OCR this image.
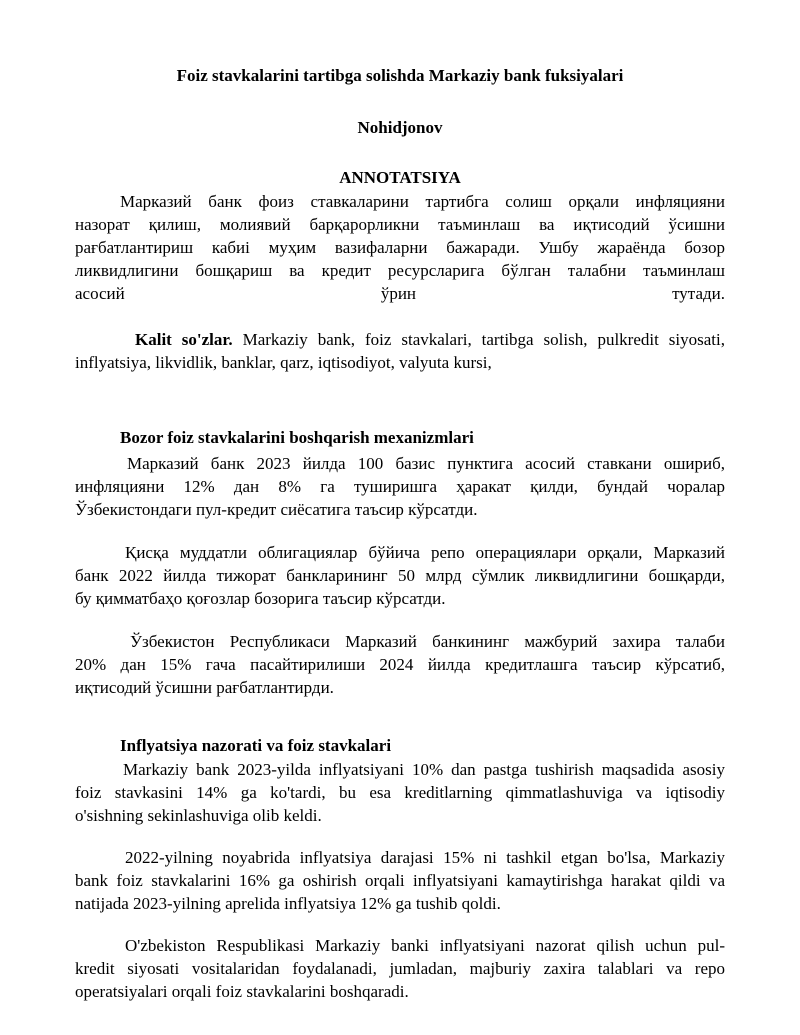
Foiz stavkalarini tartibga solishda Markaziy bank fuksiyalari
Nohidjonov
ANNOTATSIYA
Марказий банк фоиз ставкаларини тартибга солиш орқали инфляцияни
назорат қилиш, молиявий барқарорликни таъминлаш ва иқтисодий ўсишни
рағбатлантириш кабиi муҳим вазифаларни бажаради. Ушбу жараёнда бозор
ликвидлигини бошқариш ва кредит ресурсларига бўлган талабни таъминлаш
асосий ўрин тутади.
Kalit so'zlar. Markaziy bank, foiz stavkalari, tartibga solish, pulkredit siyosati,
inflyatsiya, likvidlik, banklar, qarz, iqtisodiyot, valyuta kursi,
Bozor foiz stavkalarini boshqarish mexanizmlari
Марказий банк 2023 йилда 100 базис пунктига асосий ставкани ошириб,
инфляцияни 12% дан 8% га туширишга ҳаракат қилди, бундай чоралар
Ўзбекистондаги пул-кредит сиёсатига таъсир кўрсатди.
Қисқа муддатли облигациялар бўйича репо операциялари орқали, Марказий
банк 2022 йилда тижорат банкларининг 50 млрд сўмлик ликвидлигини бошқарди,
бу қимматбаҳо қоғозлар бозорига таъсир кўрсатди.
Ўзбекистон Республикаси Марказий банкининг мажбурий захира талаби
20% дан 15% гача пасайтирилиши 2024 йилда кредитлашга таъсир кўрсатиб,
иқтисодий ўсишни рағбатлантирди.
Inflyatsiya nazorati va foiz stavkalari
Markaziy bank 2023-yilda inflyatsiyani 10% dan pastga tushirish maqsadida asosiy
foiz stavkasini 14% ga ko'tardi, bu esa kreditlarning qimmatlashuviga va iqtisodiy
o'sishning sekinlashuviga olib keldi.
2022-yilning noyabrida inflyatsiya darajasi 15% ni tashkil etgan bo'lsa, Markaziy
bank foiz stavkalarini 16% ga oshirish orqali inflyatsiyani kamaytirishga harakat qildi va
natijada 2023-yilning aprelida inflyatsiya 12% ga tushib qoldi.
O'zbekiston Respublikasi Markaziy banki inflyatsiyani nazorat qilish uchun pul-
kredit siyosati vositalaridan foydalanadi, jumladan, majburiy zaxira talablari va repo
operatsiyalari orqali foiz stavkalarini boshqaradi.
